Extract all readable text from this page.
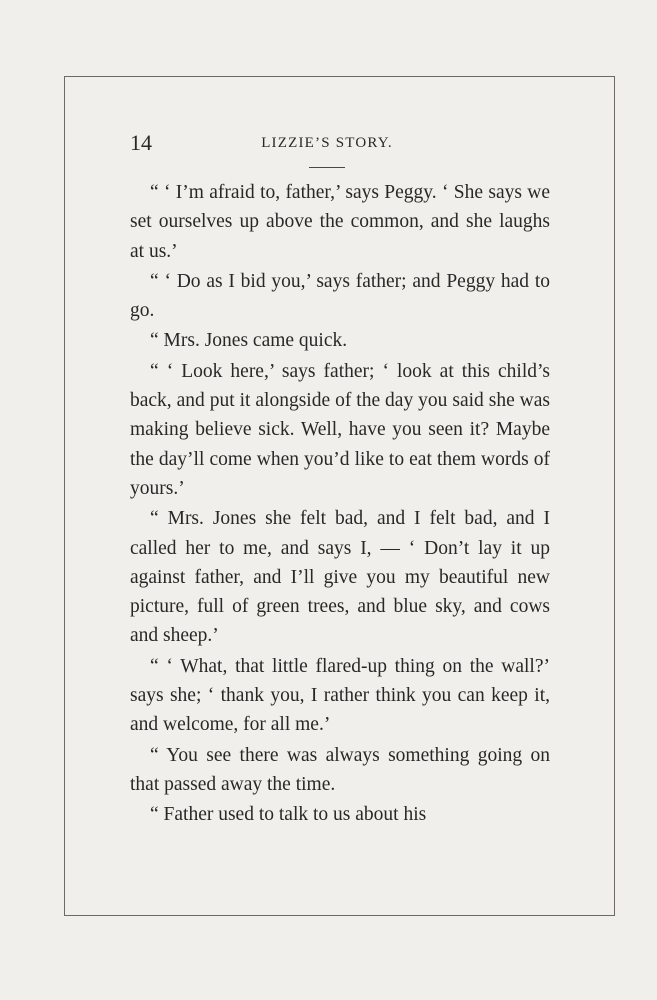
14	LIZZIE’S STORY.

“ ‘ I’m afraid to, father,’ says Peggy. ‘ She says we set ourselves up above the common, and she laughs at us.’

“ ‘ Do as I bid you,’ says father; and Peggy had to go.

“ Mrs. Jones came quick.

“ ‘ Look here,’ says father; ‘ look at this child’s back, and put it alongside of the day you said she was making believe sick. Well, have you seen it? Maybe the day’ll come when you’d like to eat them words of yours.’

“ Mrs. Jones she felt bad, and I felt bad, and I called her to me, and says I, — ‘ Don’t lay it up against father, and I’ll give you my beautiful new picture, full of green trees, and blue sky, and cows and sheep.’

“ ‘ What, that little flared-up thing on the wall?’ says she; ‘ thank you, I rather think you can keep it, and welcome, for all me.’

“ You see there was always something going on that passed away the time.

“ Father used to talk to us about his
